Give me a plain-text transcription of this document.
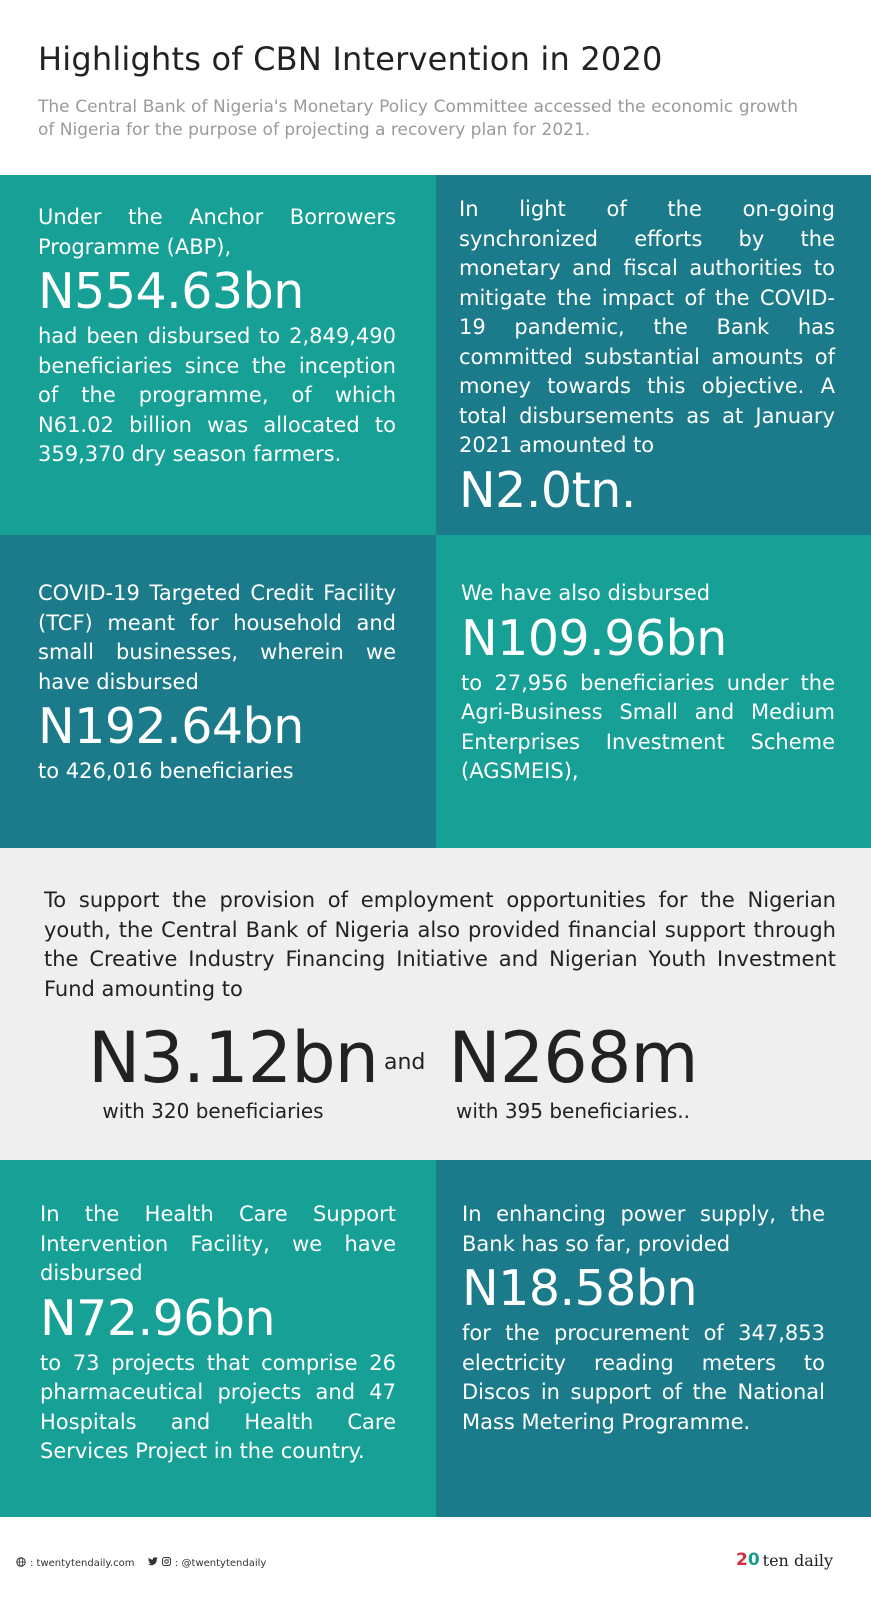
Highlights of CBN Intervention in 2020

The Central Bank of Nigeria's Monetary Policy Committee accessed the economic growth of Nigeria for the purpose of projecting a recovery plan for 2021.

Under the Anchor Borrowers Programme (ABP),

N554.63bn

had been disbursed to 2,849,490 beneficiaries since the inception of the programme, of which N61.02 billion was allocated to 359,370 dry season farmers.

In light of the on-going synchronized efforts by the monetary and fiscal authorities to mitigate the impact of the COVID-19 pandemic, the Bank has committed substantial amounts of money towards this objective. A total disbursements as at January 2021 amounted to

N2.0tn.

COVID-19 Targeted Credit Facility (TCF) meant for household and small businesses, wherein we have disbursed

N192.64bn

to 426,016 beneficiaries

We have also disbursed

N109.96bn

to 27,956 beneficiaries under the Agri-Business Small and Medium Enterprises Investment Scheme (AGSMEIS),

To support the provision of employment opportunities for the Nigerian youth, the Central Bank of Nigeria also provided financial support through the Creative Industry Financing Initiative and Nigerian Youth Investment Fund amounting to

N3.12bn
with 320 beneficiaries
and N268m
with 395 beneficiaries..

In the Health Care Support Intervention Facility, we have disbursed

N72.96bn

to 73 projects that comprise 26 pharmaceutical projects and 47 Hospitals and Health Care Services Project in the country.

In enhancing power supply, the Bank has so far, provided

N18.58bn

for the procurement of 347,853 electricity reading meters to Discos in support of the National Mass Metering Programme.

: twentytendaily.com	: @twentytendaily	20 ten daily
